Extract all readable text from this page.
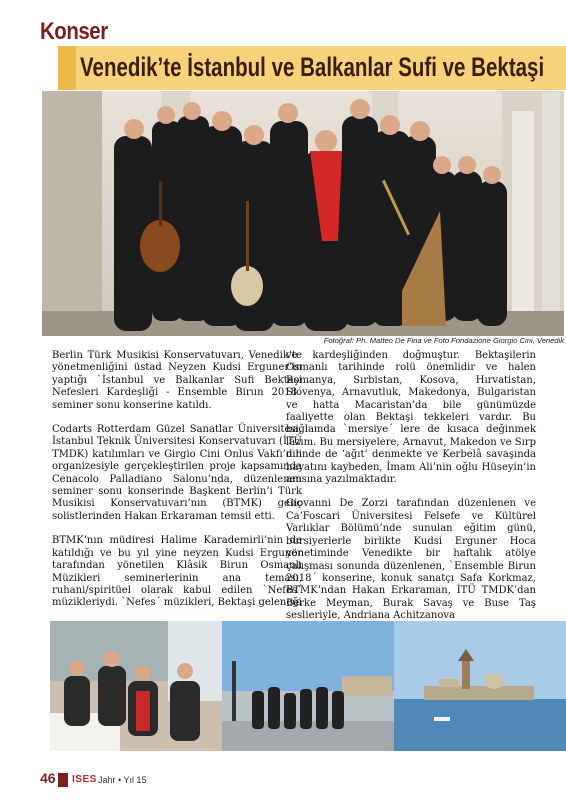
Konser
Venedik’te İstanbul ve Balkanlar Sufi ve Bektaşi
Fotoğraf: Ph. Matteo De Fina ve Foto Fondazione Giorgio Cini, Venedik

Berlin Türk Musikisi Konservatuvarı, Venedik’te yönetmenliğini üstad Neyzen Kudsi Erguner’in yaptığı `İstanbul ve Balkanlar Sufi Bektaşi Nefesleri Kardeşliği - Ensemble Birun 2018´ seminer sonu konserine katıldı.

Codarts Rotterdam Güzel Sanatlar Üniversitesi, İstanbul Teknik Üniversitesi Konservatuvarı (İTÜ TMDK) katılımları ve Girgio Cini Onlus Vakfı’nın organizesiyle gerçekleştirilen proje kapsamında Cenacolo Palladiano Salonu’nda, düzenlenen seminer sonu konserinde Başkent Berlin’i Türk Musikisi Konservatuvarı’nın (BTMK) genç solistlerinden Hakan Erkaraman temsil etti.

BTMK’nın müdiresi Halime Karademirli’nin de katıldığı ve bu yıl yine neyzen Kudsi Erguner tarafından yönetilen Klâsik Birun Osmanlı Müzikleri seminerlerinin ana teması, ruhani/spiritüel olarak kabul edilen `Nefes´ müzikleriydi. `Nefes´ müzikleri, Bektaşi geleneği

ve kardeşliğinden doğmuştur. Bektaşilerin Osmanlı tarihinde rolü önemlidir ve halen Romanya, Sırbistan, Kosova, Hırvatistan, Slovenya, Arnavutluk, Makedonya, Bulgaristan ve hatta Macaristan’da bile günümüzde faaliyette olan Bektaşi tekkeleri vardır. Bu bağlamda `mersiye´ lere de kısaca değinmek lâzım. Bu mersiyelere, Arnavut, Makedon ve Sırp dilinde de ‘ağıt’ denmekte ve Kerbelâ savaşında hayatını kaybeden, İmam Ali’nin oğlu Hüseyin’in anısına yazılmaktadır.

Giovanni De Zorzi tarafından düzenlenen ve Ca’Foscari Üniversitesi Felsefe ve Kültürel Varlıklar Bölümü’nde sunulan eğitim günü, bursiyerlerle birlikte Kudsi Erguner Hoca yönetiminde Venedikte bir haftalık atölye çalışması sonunda düzenlenen, `Ensemble Birun 2018´ konserine, konuk sanatçı Safa Korkmaz, BTMK’ndan Hakan Erkaraman, İTÜ TMDK’dan Berke Meyman, Burak Savaş ve Buse Taş seslieriyle, Andriana Achitzanova

46 ISES Jahr • Yıl 15
